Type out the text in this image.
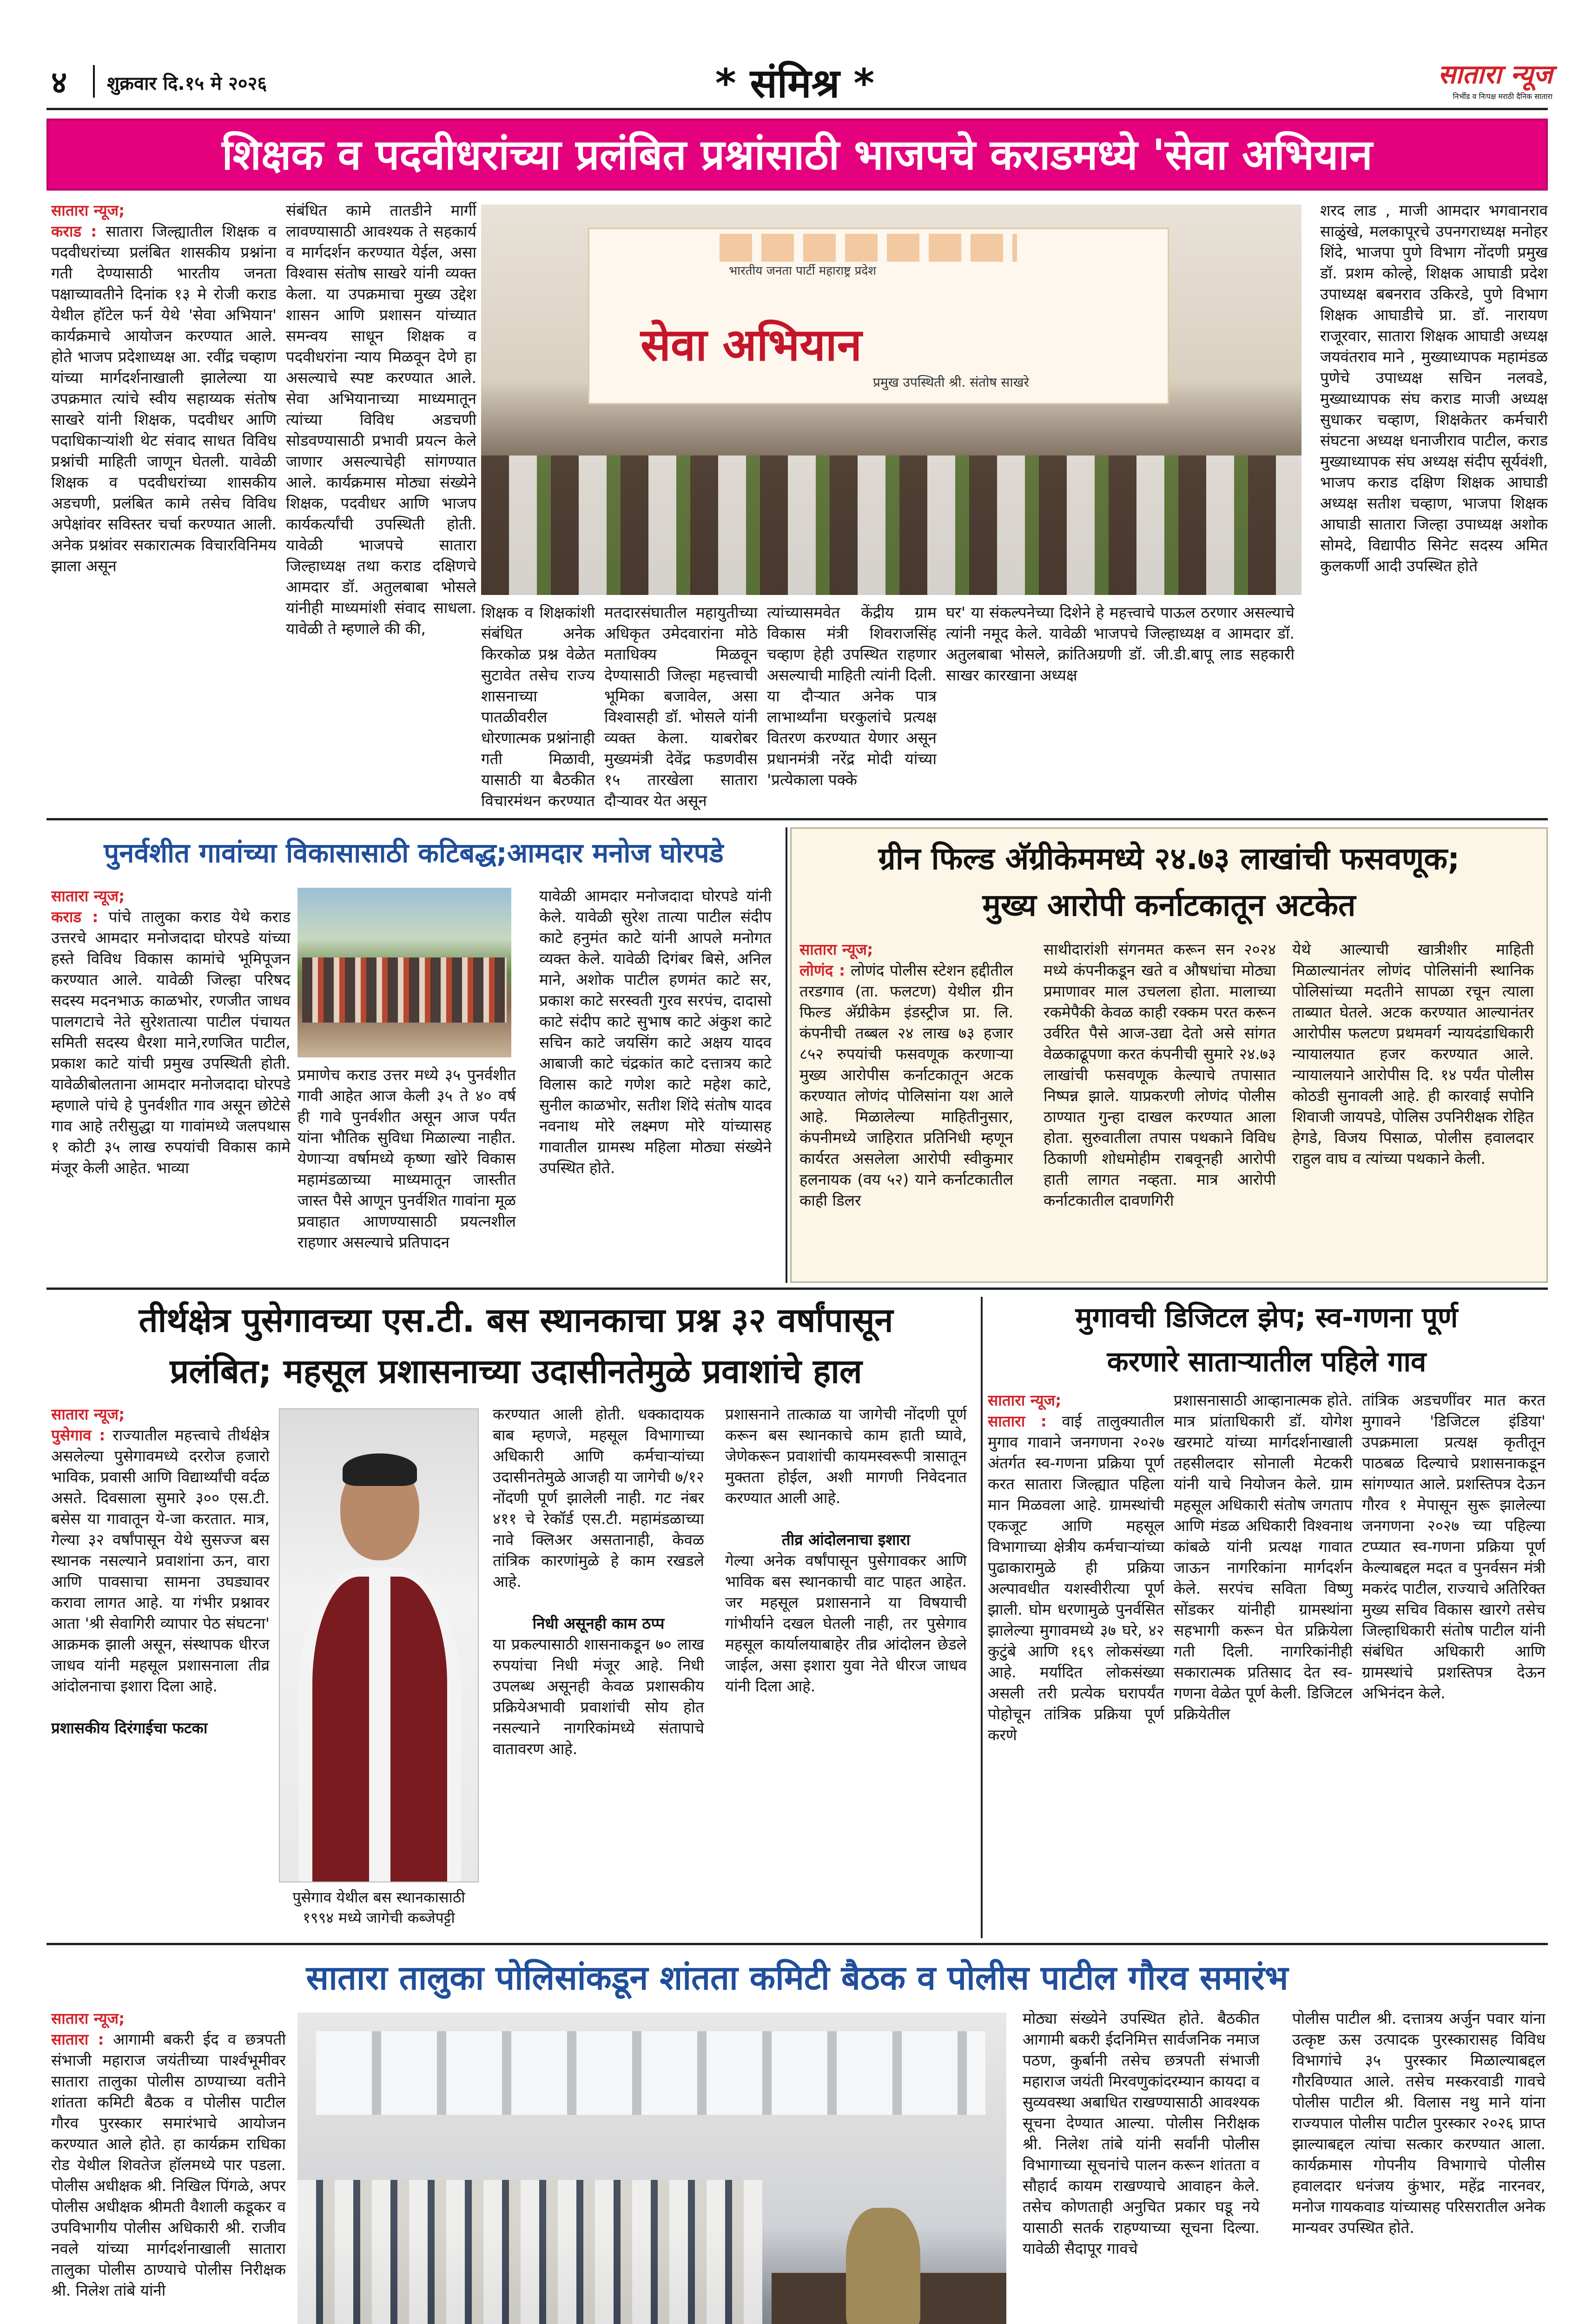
४ शुक्रवार दि.१५ मे २०२६	* संमिश्र *	सातारा न्यूज
निर्भीड व निःपक्ष मराठी दैनिक सातारा
शिक्षक व पदवीधरांच्या प्रलंबित प्रश्नांसाठी भाजपचे कराडमध्ये 'सेवा अभियान
सातारा न्यूज;
कराड : सातारा जिल्ह्यातील शिक्षक व पदवीधरांच्या प्रलंबित शासकीय प्रश्नांना गती देण्यासाठी भारतीय जनता पक्षाच्यावतीने दिनांक १३ मे रोजी कराड येथील हॉटेल फर्न येथे 'सेवा अभियान' कार्यक्रमाचे आयोजन करण्यात आले. होते भाजप प्रदेशाध्यक्ष आ. रवींद्र चव्हाण यांच्या मार्गदर्शनाखाली झालेल्या या उपक्रमात त्यांचे स्वीय सहाय्यक संतोष साखरे यांनी शिक्षक, पदवीधर आणि पदाधिकाऱ्यांशी थेट संवाद साधत विविध प्रश्नांची माहिती जाणून घेतली. यावेळी शिक्षक व पदवीधरांच्या शासकीय अडचणी, प्रलंबित कामे तसेच विविध अपेक्षांवर सविस्तर चर्चा करण्यात आली. अनेक प्रश्नांवर सकारात्मक विचारविनिमय झाला असून
संबंधित कामे तातडीने मार्गी लावण्यासाठी आवश्यक ते सहकार्य व मार्गदर्शन करण्यात येईल, असा विश्वास संतोष साखरे यांनी व्यक्त केला. या उपक्रमाचा मुख्य उद्देश शासन आणि प्रशासन यांच्यात समन्वय साधून शिक्षक व पदवीधरांना न्याय मिळवून देणे हा असल्याचे स्पष्ट करण्यात आले. सेवा अभियानाच्या माध्यमातून त्यांच्या विविध अडचणी सोडवण्यासाठी प्रभावी प्रयत्न केले जाणार असल्याचेही सांगण्यात आले. कार्यक्रमास मोठ्या संख्येने शिक्षक, पदवीधर आणि भाजप कार्यकर्त्यांची उपस्थिती होती. यावेळी भाजपचे सातारा जिल्हाध्यक्ष तथा कराड दक्षिणचे आमदार डॉ. अतुलबाबा भोसले यांनीही माध्यमांशी संवाद साधला. यावेळी ते म्हणाले की की,
भारतीय जनता पार्टी महाराष्ट्र प्रदेश
सेवा अभियान
प्रमुख उपस्थिती श्री. संतोष साखरे
शिक्षक व शिक्षकांशी संबंधित अनेक किरकोळ प्रश्न वेळेत सुटावेत तसेच राज्य शासनाच्या पातळीवरील धोरणात्मक प्रश्नांनाही गती मिळावी, यासाठी या बैठकीत विचारमंथन करण्यात
मतदारसंघातील महायुतीच्या अधिकृत उमेदवारांना मोठे मताधिक्य मिळवून देण्यासाठी जिल्हा महत्त्वाची भूमिका बजावेल, असा विश्वासही डॉ. भोसले यांनी व्यक्त केला. याबरोबर मुख्यमंत्री देवेंद्र फडणवीस १५ तारखेला सातारा दौऱ्यावर येत असून
त्यांच्यासमवेत केंद्रीय ग्राम विकास मंत्री शिवराजसिंह चव्हाण हेही उपस्थित राहणार असल्याची माहिती त्यांनी दिली. या दौऱ्यात अनेक पात्र लाभार्थ्यांना घरकुलांचे प्रत्यक्ष वितरण करण्यात येणार असून प्रधानमंत्री नरेंद्र मोदी यांच्या 'प्रत्येकाला पक्के
घर' या संकल्पनेच्या दिशेने हे महत्त्वाचे पाऊल ठरणार असल्याचे त्यांनी नमूद केले. यावेळी भाजपचे जिल्हाध्यक्ष व आमदार डॉ. अतुलबाबा भोसले, क्रांतिअग्रणी डॉ. जी.डी.बापू लाड सहकारी साखर कारखाना अध्यक्ष
शरद लाड , माजी आमदार भगवानराव साळुंखे, मलकापूरचे उपनगराध्यक्ष मनोहर शिंदे, भाजपा पुणे विभाग नोंदणी प्रमुख डॉ. प्रशम कोल्हे, शिक्षक आघाडी प्रदेश उपाध्यक्ष बबनराव उकिरडे, पुणे विभाग शिक्षक आघाडीचे प्रा. डॉ. नारायण राजूरवार, सातारा शिक्षक आघाडी अध्यक्ष जयवंतराव माने , मुख्याध्यापक महामंडळ पुणेचे उपाध्यक्ष सचिन नलवडे, मुख्याध्यापक संघ कराड माजी अध्यक्ष सुधाकर चव्हाण, शिक्षकेतर कर्मचारी संघटना अध्यक्ष धनाजीराव पाटील, कराड मुख्याध्यापक संघ अध्यक्ष संदीप सूर्यवंशी, भाजप कराड दक्षिण शिक्षक आघाडी अध्यक्ष सतीश चव्हाण, भाजपा शिक्षक आघाडी सातारा जिल्हा उपाध्यक्ष अशोक सोमदे, विद्यापीठ सिनेट सदस्य अमित कुलकर्णी आदी उपस्थित होते
पुनर्वशीत गावांच्या विकासासाठी कटिबद्ध;आमदार मनोज घोरपडे
सातारा न्यूज;
कराड : पांचे तालुका कराड येथे कराड उत्तरचे आमदार मनोजदादा घोरपडे यांच्या हस्ते विविध विकास कामांचे भूमिपूजन करण्यात आले. यावेळी जिल्हा परिषद सदस्य मदनभाऊ काळभोर, रणजीत जाधव पालगटाचे नेते सुरेशतात्या पाटील पंचायत समिती सदस्य धैरशा माने,रणजित पाटील, प्रकाश काटे यांची प्रमुख उपस्थिती होती. यावेळीबोलताना आमदार मनोजदादा घोरपडे म्हणाले पांचे हे पुनर्वशीत गाव असून छोटेसे गाव आहे तरीसुद्धा या गावांमध्ये जलपथास १ कोटी ३५ लाख रुपयांची विकास कामे मंजूर केली आहेत. भाव्या
प्रमाणेच कराड उत्तर मध्ये ३५ पुनर्वशीत गावी आहेत आज केली ३५ ते ४० वर्ष ही गावे पुनर्वशीत असून आज पर्यंत यांना भौतिक सुविधा मिळाल्या नाहीत. येणाऱ्या वर्षामध्ये कृष्णा खोरे विकास महामंडळाच्या माध्यमातून जास्तीत जास्त पैसे आणून पुनर्वशित गावांना मूळ प्रवाहात आणण्यासाठी प्रयत्नशील राहणार असल्याचे प्रतिपादन
यावेळी आमदार मनोजदादा घोरपडे यांनी केले. यावेळी सुरेश तात्या पाटील संदीप काटे हनुमंत काटे यांनी आपले मनोगत व्यक्त केले. यावेळी दिगंबर बिसे, अनिल माने, अशोक पाटील हणमंत काटे सर, प्रकाश काटे सरस्वती गुरव सरपंच, दादासो काटे संदीप काटे सुभाष काटे अंकुश काटे सचिन काटे जयसिंग काटे अक्षय यादव आबाजी काटे चंद्रकांत काटे दत्तात्रय काटे विलास काटे गणेश काटे महेश काटे, सुनील काळभोर, सतीश शिंदे संतोष यादव नवनाथ मोरे लक्ष्मण मोरे यांच्यासह गावातील ग्रामस्थ महिला मोठ्या संख्येने उपस्थित होते.
ग्रीन फिल्ड अ‍ॅग्रीकेममध्ये २४.७३ लाखांची फसवणूक;
मुख्य आरोपी कर्नाटकातून अटकेत
सातारा न्यूज;
लोणंद : लोणंद पोलीस स्टेशन हद्दीतील तरडगाव (ता. फलटण) येथील ग्रीन फिल्ड अ‍ॅग्रीकेम इंडस्ट्रीज प्रा. लि. कंपनीची तब्बल २४ लाख ७३ हजार ८५२ रुपयांची फसवणूक करणाऱ्या मुख्य आरोपीस कर्नाटकातून अटक करण्यात लोणंद पोलिसांना यश आले आहे. मिळालेल्या माहितीनुसार, कंपनीमध्ये जाहिरात प्रतिनिधी म्हणून कार्यरत असलेला आरोपी स्वीकुमार हलनायक (वय ५२) याने कर्नाटकातील काही डिलर
साथीदारांशी संगनमत करून सन २०२४ मध्ये कंपनीकडून खते व औषधांचा मोठ्या प्रमाणावर माल उचलला होता. मालाच्या रकमेपैकी केवळ काही रक्कम परत करून उर्वरित पैसे आज-उद्या देतो असे सांगत वेळकाढूपणा करत कंपनीची सुमारे २४.७३ लाखांची फसवणूक केल्याचे तपासात निष्पन्न झाले. याप्रकरणी लोणंद पोलीस ठाण्यात गुन्हा दाखल करण्यात आला होता. सुरुवातीला तपास पथकाने विविध ठिकाणी शोधमोहीम राबवूनही आरोपी हाती लागत नव्हता. मात्र आरोपी कर्नाटकातील दावणगिरी
येथे आल्याची खात्रीशीर माहिती मिळाल्यानंतर लोणंद पोलिसांनी स्थानिक पोलिसांच्या मदतीने सापळा रचून त्याला ताब्यात घेतले. अटक करण्यात आल्यानंतर आरोपीस फलटण प्रथमवर्ग न्यायदंडाधिकारी न्यायालयात हजर करण्यात आले. न्यायालयाने आरोपीस दि. १४ पर्यंत पोलीस कोठडी सुनावली आहे. ही कारवाई सपोनि शिवाजी जायपडे, पोलिस उपनिरीक्षक रोहित हेगडे, विजय पिसाळ, पोलीस हवालदार राहुल वाघ व त्यांच्या पथकाने केली.
तीर्थक्षेत्र पुसेगावच्या एस.टी. बस स्थानकाचा प्रश्न ३२ वर्षांपासून
प्रलंबित; महसूल प्रशासनाच्या उदासीनतेमुळे प्रवाशांचे हाल
सातारा न्यूज;
पुसेगाव : राज्यातील महत्त्वाचे तीर्थक्षेत्र असलेल्या पुसेगावमध्ये दररोज हजारो भाविक, प्रवासी आणि विद्यार्थ्यांची वर्दळ असते. दिवसाला सुमारे ३०० एस.टी. बसेस या गावातून ये-जा करतात. मात्र, गेल्या ३२ वर्षांपासून येथे सुसज्ज बस स्थानक नसल्याने प्रवाशांना ऊन, वारा आणि पावसाचा सामना उघड्यावर करावा लागत आहे. या गंभीर प्रश्नावर आता 'श्री सेवागिरी व्यापार पेठ संघटना' आक्रमक झाली असून, संस्थापक धीरज जाधव यांनी महसूल प्रशासनाला तीव्र आंदोलनाचा इशारा दिला आहे.

प्रशासकीय दिरंगाईचा फटका
पुसेगाव येथील बस स्थानकासाठी १९९४ मध्ये जागेची कब्जेपट्टी
करण्यात आली होती. धक्कादायक बाब म्हणजे, महसूल विभागाच्या अधिकारी आणि कर्मचाऱ्यांच्या उदासीनतेमुळे आजही या जागेची ७/१२ नोंदणी पूर्ण झालेली नाही. गट नंबर ४११ चे रेकॉर्ड एस.टी. महामंडळाच्या नावे क्लिअर असतानाही, केवळ तांत्रिक कारणांमुळे हे काम रखडले आहे.

निधी असूनही काम ठप्प
या प्रकल्पासाठी शासनाकडून ७० लाख रुपयांचा निधी मंजूर आहे. निधी उपलब्ध असूनही केवळ प्रशासकीय प्रक्रियेअभावी प्रवाशांची सोय होत नसल्याने नागरिकांमध्ये संतापाचे वातावरण आहे.
प्रशासनाने तात्काळ या जागेची नोंदणी पूर्ण करून बस स्थानकाचे काम हाती घ्यावे, जेणेकरून प्रवाशांची कायमस्वरूपी त्रासातून मुक्तता होईल, अशी मागणी निवेदनात करण्यात आली आहे.

तीव्र आंदोलनाचा इशारा
गेल्या अनेक वर्षांपासून पुसेगावकर आणि भाविक बस स्थानकाची वाट पाहत आहेत. जर महसूल प्रशासनाने या विषयाची गांभीर्याने दखल घेतली नाही, तर पुसेगाव महसूल कार्यालयाबाहेर तीव्र आंदोलन छेडले जाईल, असा इशारा युवा नेते धीरज जाधव यांनी दिला आहे.
मुगावची डिजिटल झेप; स्व-गणना पूर्ण
करणारे साताऱ्यातील पहिले गाव
सातारा न्यूज;
सातारा : वाई तालुक्यातील मुगाव गावाने जनगणना २०२७ अंतर्गत स्व-गणना प्रक्रिया पूर्ण करत सातारा जिल्ह्यात पहिला मान मिळवला आहे. ग्रामस्थांची एकजूट आणि महसूल विभागाच्या क्षेत्रीय कर्मचाऱ्यांच्या पुढाकारामुळे ही प्रक्रिया अल्पावधीत यशस्वीरीत्या पूर्ण झाली. घोम धरणामुळे पुनर्वसित झालेल्या मुगावमध्ये ३७ घरे, ४२ कुटुंबे आणि १६९ लोकसंख्या आहे. मर्यादित लोकसंख्या असली तरी प्रत्येक घरापर्यंत पोहोचून तांत्रिक प्रक्रिया पूर्ण करणे
प्रशासनासाठी आव्हानात्मक होते. मात्र प्रांताधिकारी डॉ. योगेश खरमाटे यांच्या मार्गदर्शनाखाली तहसीलदार सोनाली मेटकरी यांनी याचे नियोजन केले. ग्राम महसूल अधिकारी संतोष जगताप आणि मंडळ अधिकारी विश्वनाथ कांबळे यांनी प्रत्यक्ष गावात जाऊन नागरिकांना मार्गदर्शन केले. सरपंच सविता विष्णु सोंडकर यांनीही ग्रामस्थांना सहभागी करून घेत प्रक्रियेला गती दिली. नागरिकांनीही सकारात्मक प्रतिसाद देत स्व-गणना वेळेत पूर्ण केली. डिजिटल प्रक्रियेतील
तांत्रिक अडचणींवर मात करत मुगावने 'डिजिटल इंडिया' उपक्रमाला प्रत्यक्ष कृतीतून पाठबळ दिल्याचे प्रशासनाकडून सांगण्यात आले. प्रशस्तिपत्र देऊन गौरव १ मेपासून सुरू झालेल्या जनगणना २०२७ च्या पहिल्या टप्प्यात स्व-गणना प्रक्रिया पूर्ण केल्याबद्दल मदत व पुनर्वसन मंत्री मकरंद पाटील, राज्याचे अतिरिक्त मुख्य सचिव विकास खारगे तसेच जिल्हाधिकारी संतोष पाटील यांनी संबंधित अधिकारी आणि ग्रामस्थांचे प्रशस्तिपत्र देऊन अभिनंदन केले.
सातारा तालुका पोलिसांकडून शांतता कमिटी बैठक व पोलीस पाटील गौरव समारंभ
सातारा न्यूज;
सातारा : आगामी बकरी ईद व छत्रपती संभाजी महाराज जयंतीच्या पार्श्वभूमीवर सातारा तालुका पोलीस ठाण्याच्या वतीने शांतता कमिटी बैठक व पोलीस पाटील गौरव पुरस्कार समारंभाचे आयोजन करण्यात आले होते. हा कार्यक्रम राधिका रोड येथील शिवतेज हॉलमध्ये पार पडला. पोलीस अधीक्षक श्री. निखिल पिंगळे, अपर पोलीस अधीक्षक श्रीमती वैशाली कडूकर व उपविभागीय पोलीस अधिकारी श्री. राजीव नवले यांच्या मार्गदर्शनाखाली सातारा तालुका पोलीस ठाण्याचे पोलीस निरीक्षक श्री. निलेश तांबे यांनी
मोठ्या संख्येने उपस्थित होते. बैठकीत आगामी बकरी ईदनिमित्त सार्वजनिक नमाज पठण, कुर्बानी तसेच छत्रपती संभाजी महाराज जयंती मिरवणुकांदरम्यान कायदा व सुव्यवस्था अबाधित राखण्यासाठी आवश्यक सूचना देण्यात आल्या. पोलीस निरीक्षक श्री. निलेश तांबे यांनी सर्वांनी पोलीस विभागाच्या सूचनांचे पालन करून शांतता व सौहार्द कायम राखण्याचे आवाहन केले. तसेच कोणताही अनुचित प्रकार घडू नये यासाठी सतर्क राहण्याच्या सूचना दिल्या. यावेळी सैदापूर गावचे
पोलीस पाटील श्री. दत्तात्रय अर्जुन पवार यांना उत्कृष्ट ऊस उत्पादक पुरस्कारासह विविध विभागांचे ३५ पुरस्कार मिळाल्याबद्दल गौरविण्यात आले. तसेच मस्करवाडी गावचे पोलीस पाटील श्री. विलास नथु माने यांना राज्यपाल पोलीस पाटील पुरस्कार २०२६ प्राप्त झाल्याबद्दल त्यांचा सत्कार करण्यात आला. कार्यक्रमास गोपनीय विभागाचे पोलीस हवालदार धनंजय कुंभार, महेंद्र नारनवर, मनोज गायकवाड यांच्यासह परिसरातील अनेक मान्यवर उपस्थित होते.
